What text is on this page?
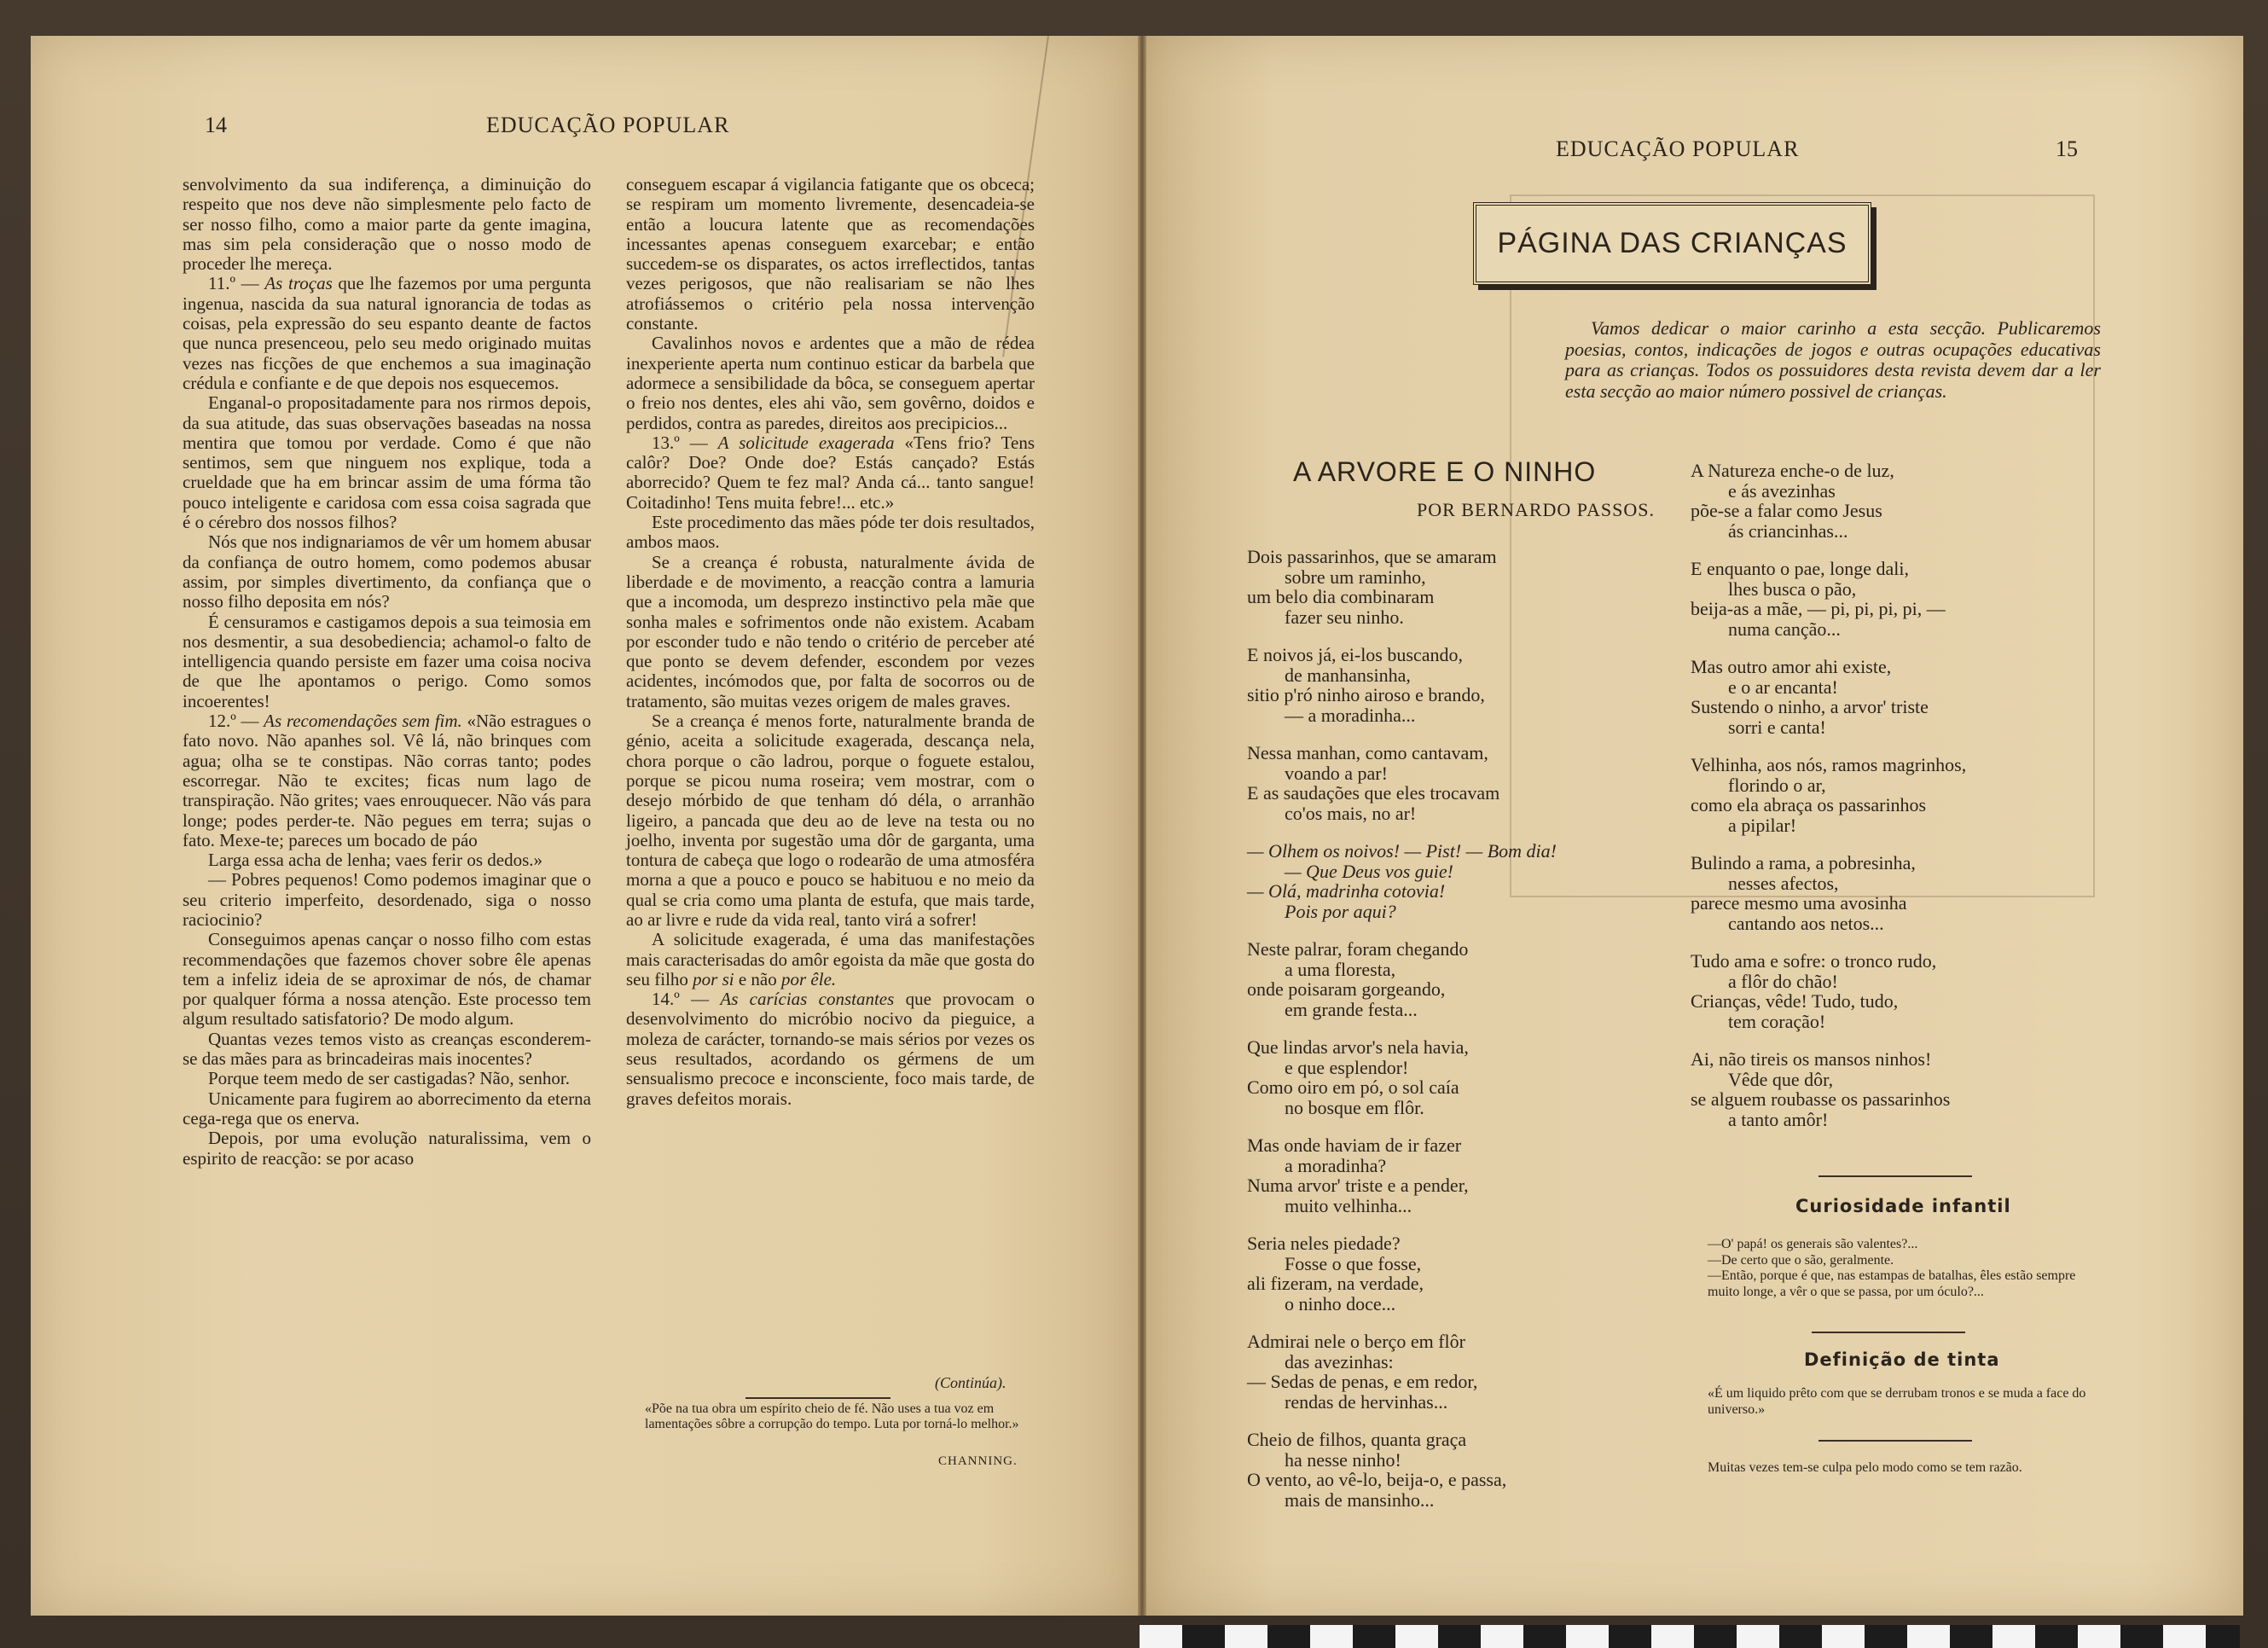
14	EDUCAÇÃO POPULAR

senvolvimento da sua indiferença, a diminuição do respeito que nos deve não simplesmente pelo facto de ser nosso filho, como a maior parte da gente imagina, mas sim pela consideração que o nosso modo de proceder lhe mereça.

11.º — As troças que lhe fazemos por uma pergunta ingenua, nascida da sua natural ignorancia de todas as coisas, pela expressão do seu espanto deante de factos que nunca presenceou, pelo seu medo originado muitas vezes nas ficções de que enchemos a sua imaginação crédula e confiante e de que depois nos esquecemos.

Enganal-o propositadamente para nos rirmos depois, da sua atitude, das suas observações baseadas na nossa mentira que tomou por verdade. Como é que não sentimos, sem que ninguem nos explique, toda a crueldade que ha em brincar assim de uma fórma tão pouco inteligente e caridosa com essa coisa sagrada que é o cérebro dos nossos filhos?

Nós que nos indignariamos de vêr um homem abusar da confiança de outro homem, como podemos abusar assim, por simples divertimento, da confiança que o nosso filho deposita em nós?

É censuramos e castigamos depois a sua teimosia em nos desmentir, a sua desobediencia; achamol-o falto de intelligencia quando persiste em fazer uma coisa nociva de que lhe apontamos o perigo. Como somos incoerentes!

12.º — As recomendações sem fim. «Não estragues o fato novo. Não apanhes sol. Vê lá, não brinques com agua; olha se te constipas. Não corras tanto; podes escorregar. Não te excites; ficas num lago de transpiração. Não grites; vaes enrouquecer. Não vás para longe; podes perder-te. Não pegues em terra; sujas o fato. Mexe-te; pareces um bocado de páo

Larga essa acha de lenha; vaes ferir os dedos.»

— Pobres pequenos! Como podemos imaginar que o seu criterio imperfeito, desordenado, siga o nosso raciocinio?

Conseguimos apenas cançar o nosso filho com estas recommendações que fazemos chover sobre êle apenas tem a infeliz ideia de se aproximar de nós, de chamar por qualquer fórma a nossa atenção. Este processo tem algum resultado satisfatorio? De modo algum.

Quantas vezes temos visto as creanças esconderem-se das mães para as brincadeiras mais inocentes?

Porque teem medo de ser castigadas? Não, senhor.

Unicamente para fugirem ao aborrecimento da eterna cega-rega que os enerva.

Depois, por uma evolução naturalissima, vem o espirito de reacção: se por acaso

conseguem escapar á vigilancia fatigante que os obceca; se respiram um momento livremente, desencadeia-se então a loucura latente que as recomendações incessantes apenas conseguem exarcebar; e então succedem-se os disparates, os actos irreflectidos, tantas vezes perigosos, que não realisariam se não lhes atrofiássemos o critério pela nossa intervenção constante.

Cavalinhos novos e ardentes que a mão de rédea inexperiente aperta num continuo esticar da barbela que adormece a sensibilidade da bôca, se conseguem apertar o freio nos dentes, eles ahi vão, sem govêrno, doidos e perdidos, contra as paredes, direitos aos precipicios...

13.º — A solicitude exagerada «Tens frio? Tens calôr? Doe? Onde doe? Estás cançado? Estás aborrecido? Quem te fez mal? Anda cá... tanto sangue! Coitadinho! Tens muita febre!... etc.»

Este procedimento das mães póde ter dois resultados, ambos maos.

Se a creança é robusta, naturalmente ávida de liberdade e de movimento, a reacção contra a lamuria que a incomoda, um desprezo instinctivo pela mãe que sonha males e sofrimentos onde não existem. Acabam por esconder tudo e não tendo o critério de perceber até que ponto se devem defender, escondem por vezes acidentes, incómodos que, por falta de socorros ou de tratamento, são muitas vezes origem de males graves.

Se a creança é menos forte, naturalmente branda de génio, aceita a solicitude exagerada, descança nela, chora porque o cão ladrou, porque o foguete estalou, porque se picou numa roseira; vem mostrar, com o desejo mórbido de que tenham dó déla, o arranhão ligeiro, a pancada que deu ao de leve na testa ou no joelho, inventa por sugestão uma dôr de garganta, uma tontura de cabeça que logo o rodearão de uma atmosféra morna a que a pouco e pouco se habituou e no meio da qual se cria como uma planta de estufa, que mais tarde, ao ar livre e rude da vida real, tanto virá a sofrer!

A solicitude exagerada, é uma das manifestações mais caracterisadas do amôr egoista da mãe que gosta do seu filho por si e não por êle.

14.º — As carícias constantes que provocam o desenvolvimento do micróbio nocivo da pieguice, a moleza de carácter, tornando-se mais sérios por vezes os seus resultados, acordando os gérmens de um sensualismo precoce e inconsciente, foco mais tarde, de graves defeitos morais.

(Continúa).

«Põe na tua obra um espírito cheio de fé. Não uses a tua voz em lamentações sôbre a corrupção do tempo. Luta por torná-lo melhor.»

CHANNING.
EDUCAÇÃO POPULAR	15
PÁGINA DAS CRIANÇAS

Vamos dedicar o maior carinho a esta secção. Publicaremos poesias, contos, indicações de jogos e outras ocupações educativas para as crianças. Todos os possuidores desta revista devem dar a ler esta secção ao maior número possivel de crianças.

A ARVORE E O NINHO
POR BERNARDO PASSOS.
Dois passarinhos, que se amaram
sobre um raminho,
um belo dia combinaram
fazer seu ninho.
E noivos já, ei-los buscando,
de manhansinha,
sitio p'ró ninho airoso e brando,
— a moradinha...
Nessa manhan, como cantavam,
voando a par!
E as saudações que eles trocavam
co'os mais, no ar!
— Olhem os noivos! — Pist! — Bom dia!
— Que Deus vos guie!
— Olá, madrinha cotovia!
Pois por aqui?
Neste palrar, foram chegando
a uma floresta,
onde poisaram gorgeando,
em grande festa...
Que lindas arvor's nela havia,
e que esplendor!
Como oiro em pó, o sol caía
no bosque em flôr.
Mas onde haviam de ir fazer
a moradinha?
Numa arvor' triste e a pender,
muito velhinha...
Seria neles piedade?
Fosse o que fosse,
ali fizeram, na verdade,
o ninho doce...
Admirai nele o berço em flôr
das avezinhas:
— Sedas de penas, e em redor,
rendas de hervinhas...
Cheio de filhos, quanta graça
ha nesse ninho!
O vento, ao vê-lo, beija-o, e passa,
mais de mansinho...
A Natureza enche-o de luz,
e ás avezinhas
põe-se a falar como Jesus
ás criancinhas...
E enquanto o pae, longe dali,
lhes busca o pão,
beija-as a mãe, — pi, pi, pi, pi, —
numa canção...
Mas outro amor ahi existe,
e o ar encanta!
Sustendo o ninho, a arvor' triste
sorri e canta!
Velhinha, aos nós, ramos magrinhos,
florindo o ar,
como ela abraça os passarinhos
a pipilar!
Bulindo a rama, a pobresinha,
nesses afectos,
parece mesmo uma avosinha
cantando aos netos...
Tudo ama e sofre: o tronco rudo,
a flôr do chão!
Crianças, vêde! Tudo, tudo,
tem coração!
Ai, não tireis os mansos ninhos!
Vêde que dôr,
se alguem roubasse os passarinhos
a tanto amôr!
Curiosidade infantil

—O' papá! os generais são valentes?...

—De certo que o são, geralmente.

—Então, porque é que, nas estampas de batalhas, êles estão sempre muito longe, a vêr o que se passa, por um óculo?...

Definição de tinta

«É um liquido prêto com que se derrubam tronos e se muda a face do universo.»

Muitas vezes tem-se culpa pelo modo como se tem razão.
